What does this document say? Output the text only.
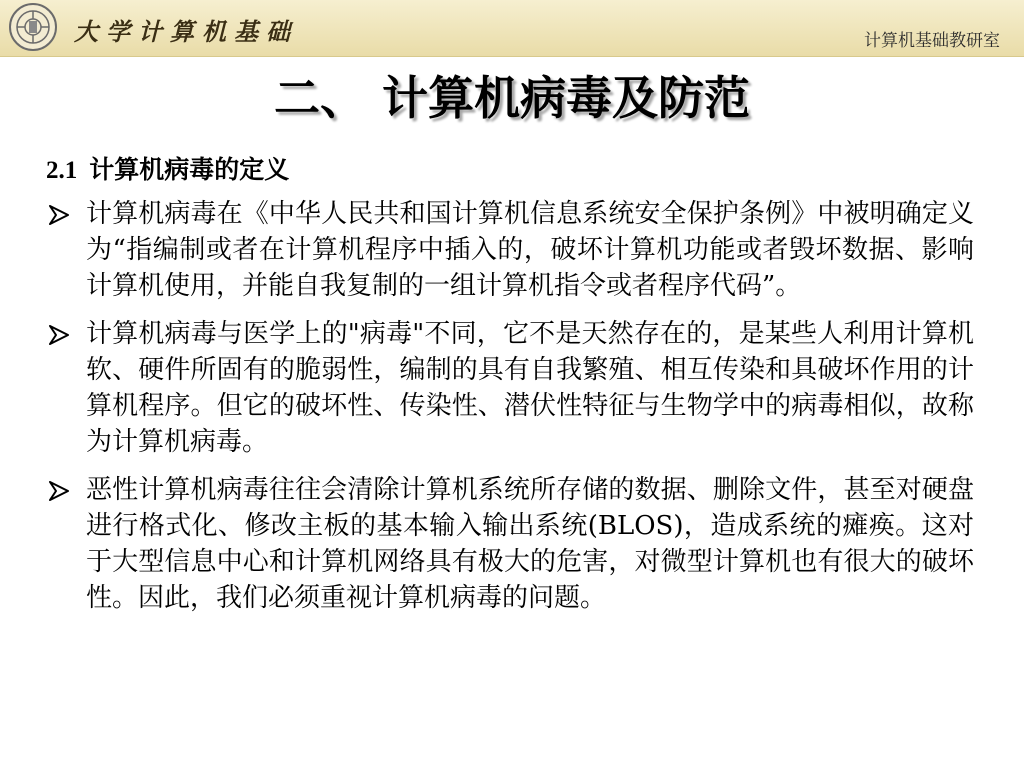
大学计算机基础	计算机基础教研室
二、 计算机病毒及防范
2.1 计算机病毒的定义
计算机病毒在《中华人民共和国计算机信息系统安全保护条例》中被明确定义为“指编制或者在计算机程序中插入的，破坏计算机功能或者毁坏数据、影响计算机使用，并能自我复制的一组计算机指令或者程序代码”。
计算机病毒与医学上的"病毒"不同，它不是天然存在的，是某些人利用计算机软、硬件所固有的脆弱性，编制的具有自我繁殖、相互传染和具破坏作用的计算机程序。但它的破坏性、传染性、潜伏性特征与生物学中的病毒相似，故称为计算机病毒。
恶性计算机病毒往往会清除计算机系统所存储的数据、删除文件，甚至对硬盘进行格式化、修改主板的基本输入输出系统(BLOS)，造成系统的瘫痪。这对于大型信息中心和计算机网络具有极大的危害，对微型计算机也有很大的破坏性。因此，我们必须重视计算机病毒的问题。
